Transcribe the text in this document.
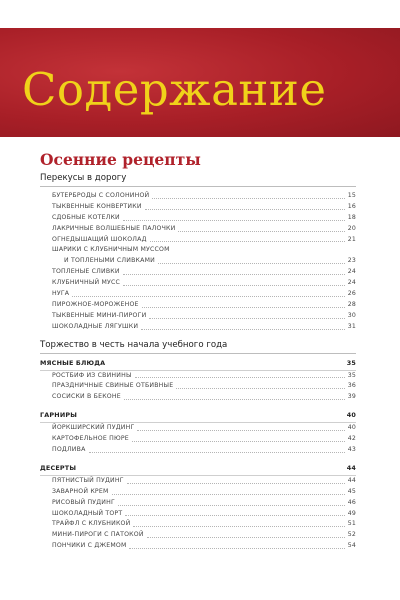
Содержание
Осенние рецепты
Перекусы в дорогу
БУТЕРБРОДЫ С СОЛОНИНОЙ	15
ТЫКВЕННЫЕ КОНВЕРТИКИ	16
СДОБНЫЕ КОТЕЛКИ	18
ЛАКРИЧНЫЕ ВОЛШЕБНЫЕ ПАЛОЧКИ	20
ОГНЕДЫШАЩИЙ ШОКОЛАД	21
ШАРИКИ С КЛУБНИЧНЫМ МУССОМ
И ТОПЛЕНЫМИ СЛИВКАМИ	23
ТОПЛЕНЫЕ СЛИВКИ	24
КЛУБНИЧНЫЙ МУСС	24
НУГА	26
ПИРОЖНОЕ-МОРОЖЕНОЕ	28
ТЫКВЕННЫЕ МИНИ-ПИРОГИ	30
ШОКОЛАДНЫЕ ЛЯГУШКИ	31
Торжество в честь начала учебного года
МЯСНЫЕ БЛЮДА	35
РОСТБИФ ИЗ СВИНИНЫ	35
ПРАЗДНИЧНЫЕ СВИНЫЕ ОТБИВНЫЕ	36
СОСИСКИ В БЕКОНЕ	39
ГАРНИРЫ	40
ЙОРКШИРСКИЙ ПУДИНГ	40
КАРТОФЕЛЬНОЕ ПЮРЕ	42
ПОДЛИВА	43
ДЕСЕРТЫ	44
ПЯТНИСТЫЙ ПУДИНГ	44
ЗАВАРНОЙ КРЕМ	45
РИСОВЫЙ ПУДИНГ	46
ШОКОЛАДНЫЙ ТОРТ	49
ТРАЙФЛ С КЛУБНИКОЙ	51
МИНИ-ПИРОГИ С ПАТОКОЙ	52
ПОНЧИКИ С ДЖЕМОМ	54
